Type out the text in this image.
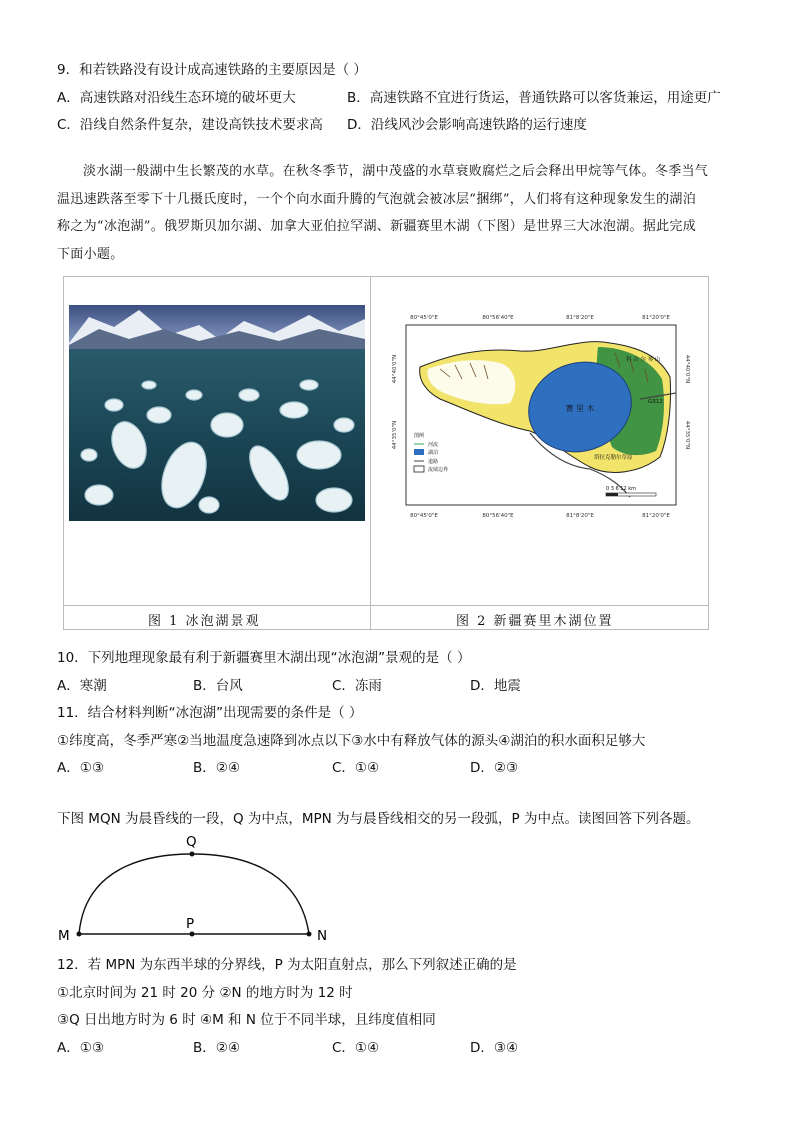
9．和若铁路没有设计成高速铁路的主要原因是（ ）
A．高速铁路对沿线生态环境的破坏更大	B．高速铁路不宜进行货运，普通铁路可以客货兼运，用途更广
C．沿线自然条件复杂，建设高铁技术要求高 D．沿线风沙会影响高速铁路的运行速度
淡水湖一般湖中生长繁茂的水草。在秋冬季节，湖中茂盛的水草衰败腐烂之后会释出甲烷等气体。冬季当气
温迅速跌落至零下十几摄氏度时，一个个向水面升腾的气泡就会被冰层“捆绑”，人们将有这种现象发生的湖泊
称之为“冰泡湖”。俄罗斯贝加尔湖、加拿大亚伯拉罕湖、新疆赛里木湖（下图）是世界三大冰泡湖。据此完成
下面小题。
80°45'0"E	80°56'40"E	81°8'20"E	81°20'0"E
80°45'0"E	80°56'40"E	81°8'20"E	81°20'0"E
44°40'0"N
44°35'0"N
44°40'0"N
44°35'0"N
赛 里 木
科 古 尔 琴 山
塔拉克勒尔草原
G312
图例
河流
湖泊
道路
流域边界
0 3 6 12 km
图 1 冰泡湖景观	图 2 新疆赛里木湖位置
10．下列地理现象最有利于新疆赛里木湖出现“冰泡湖”景观的是（ ）
A．寒潮	B．台风	C．冻雨	D．地震
11．结合材料判断“冰泡湖”出现需要的条件是（ ）
①纬度高，冬季严寒②当地温度急速降到冰点以下③水中有释放气体的源头④湖泊的积水面积足够大
A．①③	B．②④	C．①④	D．②③
下图 MQN 为晨昏线的一段，Q 为中点，MPN 为与晨昏线相交的另一段弧，P 为中点。读图回答下列各题。
Q
P
M	N
12．若 MPN 为东西半球的分界线，P 为太阳直射点，那么下列叙述正确的是
①北京时间为 21 时 20 分 ②N 的地方时为 12 时
③Q 日出地方时为 6 时 ④M 和 N 位于不同半球，且纬度值相同
A．①③	B．②④	C．①④	D．③④
